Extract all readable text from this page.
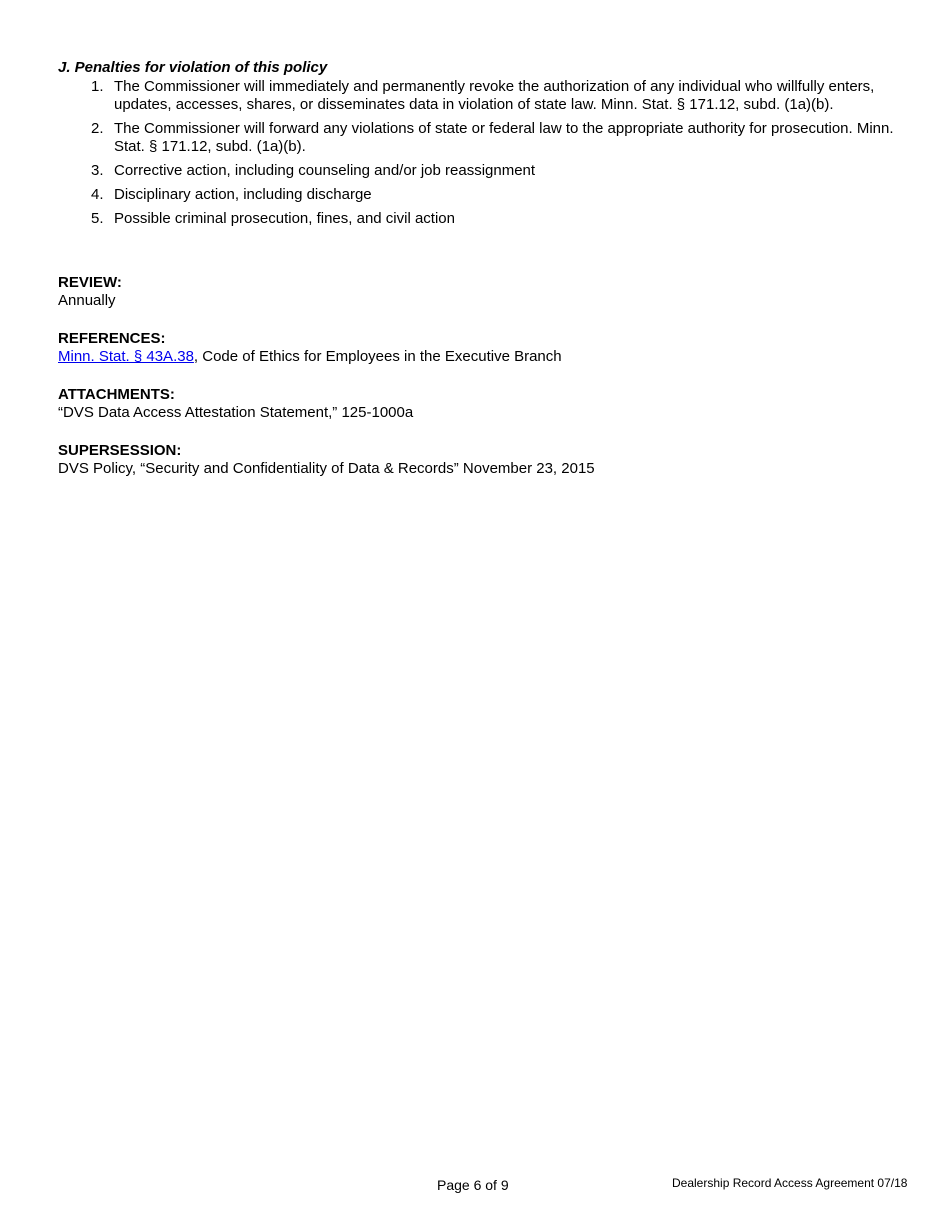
J. Penalties for violation of this policy

1. The Commissioner will immediately and permanently revoke the authorization of any individual who willfully enters, updates, accesses, shares, or disseminates data in violation of state law. Minn. Stat. § 171.12, subd. (1a)(b).
2. The Commissioner will forward any violations of state or federal law to the appropriate authority for prosecution. Minn. Stat. § 171.12, subd. (1a)(b).
3. Corrective action, including counseling and/or job reassignment
4. Disciplinary action, including discharge
5. Possible criminal prosecution, fines, and civil action

REVIEW:

Annually

REFERENCES:

Minn. Stat. § 43A.38, Code of Ethics for Employees in the Executive Branch

ATTACHMENTS:

“DVS Data Access Attestation Statement,” 125-1000a

SUPERSESSION:

DVS Policy, “Security and Confidentiality of Data & Records” November 23, 2015
Page 6 of 9	Dealership Record Access Agreement 07/18
